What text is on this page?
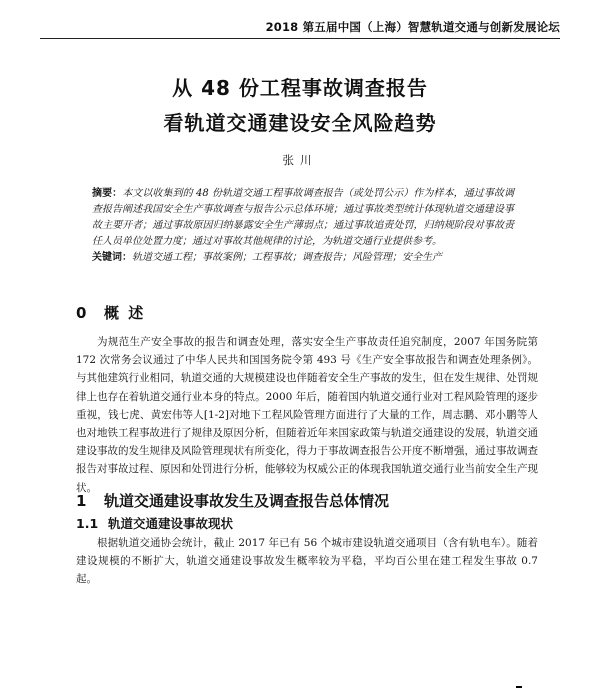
2018 第五届中国（上海）智慧轨道交通与创新发展论坛
从 48 份工程事故调查报告
看轨道交通建设安全风险趋势
张川
摘要：本文以收集到的 48 份轨道交通工程事故调查报告（或处罚公示）作为样本，通过事故调查报告阐述我国安全生产事故调查与报告公示总体环境；通过事故类型统计体现轨道交通建设事故主要开者；通过事故原因归纳暴露安全生产薄弱点；通过事故追责处罚，归纳规阶段对事故责任人员单位处置力度；通过对事故其他规律的讨论，为轨道交通行业提供参考。
关键词：轨道交通工程；事故案例；工程事故；调查报告；风险管理；安全生产
0 概 述
为规范生产安全事故的报告和调查处理，落实安全生产事故责任追究制度，2007 年国务院第 172 次常务会议通过了中华人民共和国国务院令第 493 号《生产安全事故报告和调查处理条例》。与其他建筑行业相同，轨道交通的大规模建设也伴随着安全生产事故的发生，但在发生规律、处罚规律上也存在着轨道交通行业本身的特点。2000 年后，随着国内轨道交通行业对工程风险管理的逐步重视，钱七虎、黄宏伟等人[1-2]对地下工程风险管理方面进行了大量的工作，周志鹏、邓小鹏等人也对地铁工程事故进行了规律及原因分析，但随着近年来国家政策与轨道交通建设的发展，轨道交通建设事故的发生规律及风险管理现状有所变化，得力于事故调查报告公开度不断增强，通过事故调查报告对事故过程、原因和处罚进行分析，能够较为权威公正的体现我国轨道交通行业当前安全生产现状。
1 轨道交通建设事故发生及调查报告总体情况
1.1 轨道交通建设事故现状
根据轨道交通协会统计，截止 2017 年已有 56 个城市建设轨道交通项目（含有轨电车）。随着建设规模的不断扩大，轨道交通建设事故发生概率较为平稳，平均百公里在建工程发生事故 0.7 起。
